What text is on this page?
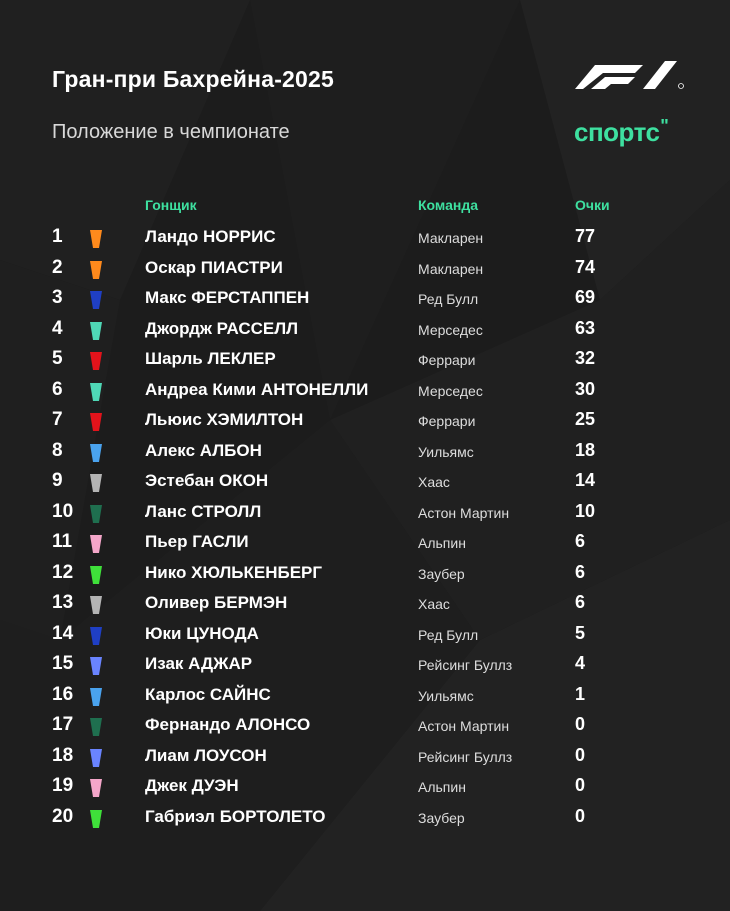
Гран-при Бахрейна-2025
Положение в чемпионате	спортс''
Гонщик	Команда	Очки
1	Ландо НОРРИС	Макларен	77
2	Оскар ПИАСТРИ	Макларен	74
3	Макс ФЕРСТАППЕН	Ред Булл	69
4	Джордж РАССЕЛЛ	Мерседес	63
5	Шарль ЛЕКЛЕР	Феррари	32
6	Андреа Кими АНТОНЕЛЛИ	Мерседес	30
7	Льюис ХЭМИЛТОН	Феррари	25
8	Алекс АЛБОН	Уильямс	18
9	Эстебан ОКОН	Хаас	14
10	Ланс СТРОЛЛ	Астон Мартин	10
11	Пьер ГАСЛИ	Альпин	6
12	Нико ХЮЛЬКЕНБЕРГ	Заубер	6
13	Оливер БЕРМЭН	Хаас	6
14	Юки ЦУНОДА	Ред Булл	5
15	Изак АДЖАР	Рейсинг Буллз	4
16	Карлос САЙНС	Уильямс	1
17	Фернандо АЛОНСО	Астон Мартин	0
18	Лиам ЛОУСОН	Рейсинг Буллз	0
19	Джек ДУЭН	Альпин	0
20	Габриэл БОРТОЛЕТО	Заубер	0
